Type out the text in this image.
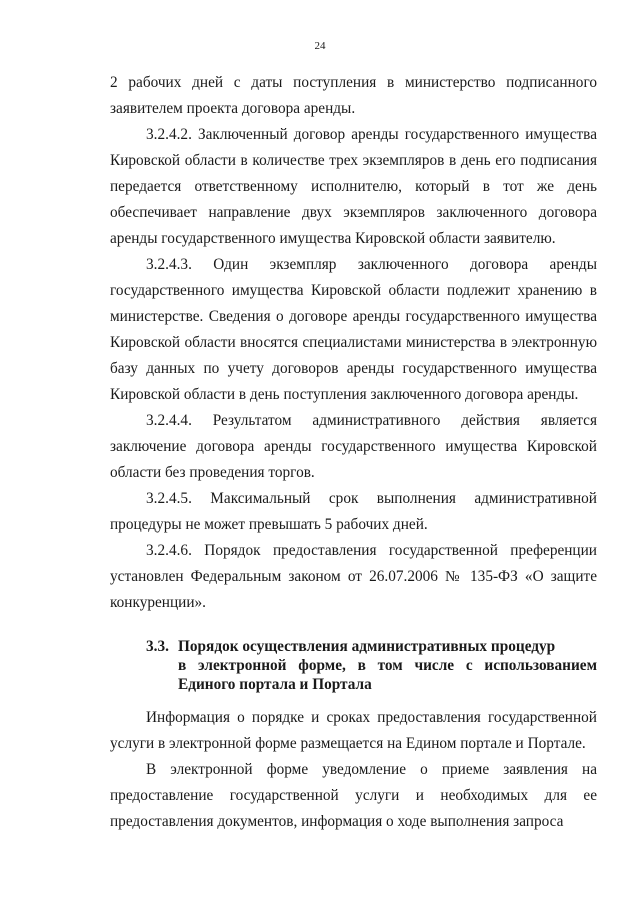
24

2 рабочих дней с даты поступления в министерство подписанного заявителем проекта договора аренды.

3.2.4.2. Заключенный договор аренды государственного имущества Кировской области в количестве трех экземпляров в день его подписания передается ответственному исполнителю, который в тот же день обеспечивает направление двух экземпляров заключенного договора аренды государственного имущества Кировской области заявителю.

3.2.4.3. Один экземпляр заключенного договора аренды государственного имущества Кировской области подлежит хранению в министерстве. Сведения о договоре аренды государственного имущества Кировской области вносятся специалистами министерства в электронную базу данных по учету договоров аренды государственного имущества Кировской области в день поступления заключенного договора аренды.

3.2.4.4. Результатом административного действия является заключение договора аренды государственного имущества Кировской области без проведения торгов.

3.2.4.5. Максимальный срок выполнения административной процедуры не может превышать 5 рабочих дней.

3.2.4.6. Порядок предоставления государственной преференции установлен Федеральным законом от 26.07.2006 № 135-ФЗ «О защите конкуренции».

3.3. Порядок осуществления административных процедур
в электронной форме, в том числе с использованием Единого портала и Портала

Информация о порядке и сроках предоставления государственной услуги в электронной форме размещается на Едином портале и Портале.

В электронной форме уведомление о приеме заявления на предоставление государственной услуги и необходимых для ее предоставления документов, информация о ходе выполнения запроса
